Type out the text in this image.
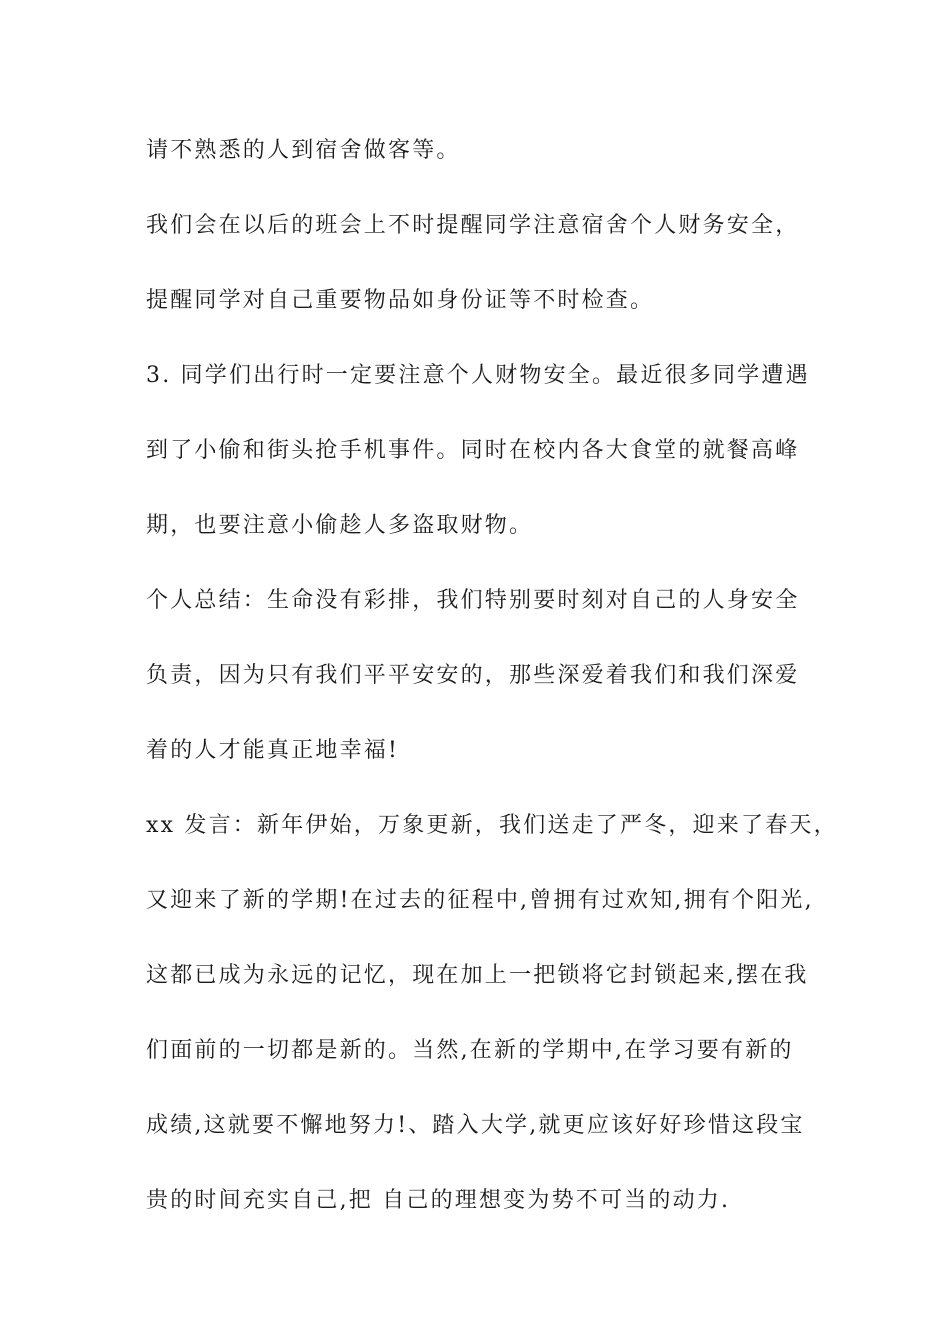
请不熟悉的人到宿舍做客等。

我们会在以后的班会上不时提醒同学注意宿舍个人财务安全，

提醒同学对自己重要物品如身份证等不时检查。

3. 同学们出行时一定要注意个人财物安全。最近很多同学遭遇

到了小偷和街头抢手机事件。同时在校内各大食堂的就餐高峰

期，也要注意小偷趁人多盗取财物。

个人总结：生命没有彩排，我们特别要时刻对自己的人身安全

负责，因为只有我们平平安安的，那些深爱着我们和我们深爱

着的人才能真正地幸福!

xx 发言：新年伊始，万象更新，我们送走了严冬，迎来了春天，

又迎来了新的学期!在过去的征程中,曾拥有过欢知,拥有个阳光,

这都已成为永远的记忆，现在加上一把锁将它封锁起来,摆在我

们面前的一切都是新的。当然,在新的学期中,在学习要有新的

成绩,这就要不懈地努力!、踏入大学,就更应该好好珍惜这段宝

贵的时间充实自己,把 自己的理想变为势不可当的动力.
